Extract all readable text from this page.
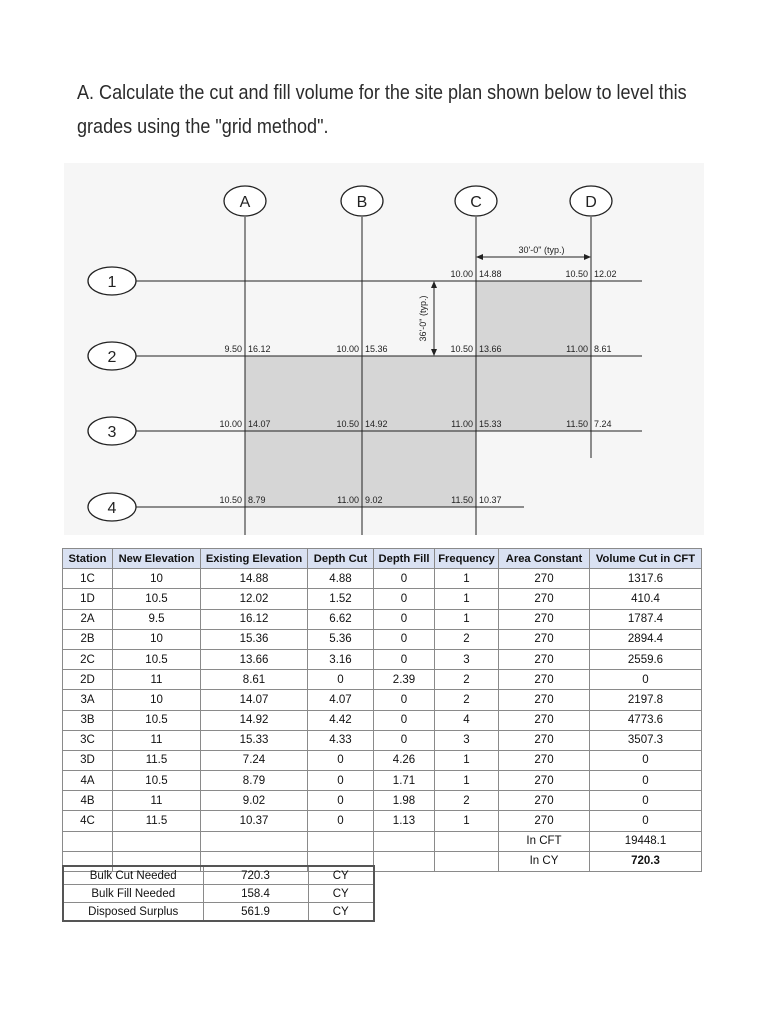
A. Calculate the cut and fill volume for the site plan shown below to level this
grades using the "grid method".
A	B	C	D
1
2
3
4
10.00 14.88	10.50 12.02
9.50 16.12	10.00 15.36	10.50 13.66	11.00 8.61
10.00 14.07	10.50 14.92	11.00 15.33	11.50 7.24
10.50 8.79	11.00 9.02	11.50 10.37
30'-0" (typ.)
36'-0" (typ.)
Station	New Elevation	Existing Elevation	Depth Cut	Depth Fill	Frequency	Area Constant	Volume Cut in CFT
1C	10	14.88	4.88	0	1	270	1317.6
1D	10.5	12.02	1.52	0	1	270	410.4
2A	9.5	16.12	6.62	0	1	270	1787.4
2B	10	15.36	5.36	0	2	270	2894.4
2C	10.5	13.66	3.16	0	3	270	2559.6
2D	11	8.61	0	2.39	2	270	0
3A	10	14.07	4.07	0	2	270	2197.8
3B	10.5	14.92	4.42	0	4	270	4773.6
3C	11	15.33	4.33	0	3	270	3507.3
3D	11.5	7.24	0	4.26	1	270	0
4A	10.5	8.79	0	1.71	1	270	0
4B	11	9.02	0	1.98	2	270	0
4C	11.5	10.37	0	1.13	1	270	0
						In CFT	19448.1
						In CY	720.3
Bulk Cut Needed	720.3	CY
Bulk Fill Needed	158.4	CY
Disposed Surplus	561.9	CY
